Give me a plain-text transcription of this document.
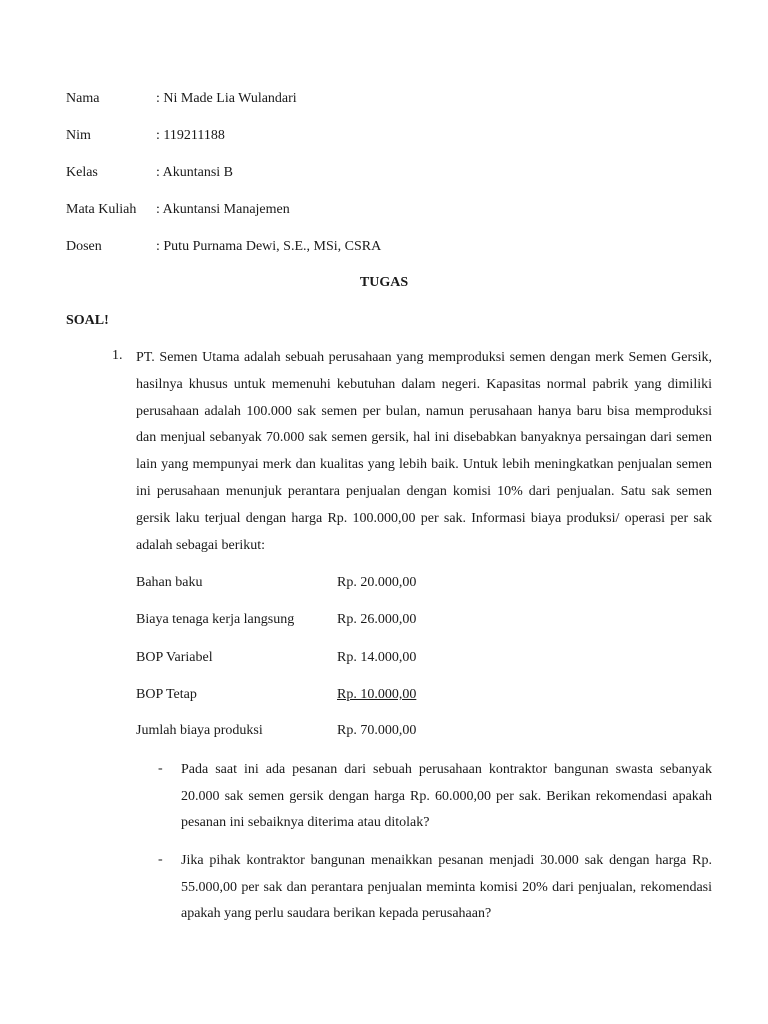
Nama	: Ni Made Lia Wulandari
Nim	: 119211188
Kelas	: Akuntansi B
Mata Kuliah	: Akuntansi Manajemen
Dosen	: Putu Purnama Dewi, S.E., MSi, CSRA
TUGAS
SOAL!
1. PT. Semen Utama adalah sebuah perusahaan yang memproduksi semen dengan merk Semen Gersik, hasilnya khusus untuk memenuhi kebutuhan dalam negeri. Kapasitas normal pabrik yang dimiliki perusahaan adalah 100.000 sak semen per bulan, namun perusahaan hanya baru bisa memproduksi dan menjual sebanyak 70.000 sak semen gersik, hal ini disebabkan banyaknya persaingan dari semen lain yang mempunyai merk dan kualitas yang lebih baik. Untuk lebih meningkatkan penjualan semen ini perusahaan menunjuk perantara penjualan dengan komisi 10% dari penjualan. Satu sak semen gersik laku terjual dengan harga Rp. 100.000,00 per sak. Informasi biaya produksi/ operasi per sak adalah sebagai berikut:

Bahan baku	Rp. 20.000,00
Biaya tenaga kerja langsung	Rp. 26.000,00
BOP Variabel	Rp. 14.000,00
BOP Tetap	Rp. 10.000,00
Jumlah biaya produksi	Rp. 70.000,00
- Pada saat ini ada pesanan dari sebuah perusahaan kontraktor bangunan swasta sebanyak 20.000 sak semen gersik dengan harga Rp. 60.000,00 per sak. Berikan rekomendasi apakah pesanan ini sebaiknya diterima atau ditolak?

- Jika pihak kontraktor bangunan menaikkan pesanan menjadi 30.000 sak dengan harga Rp. 55.000,00 per sak dan perantara penjualan meminta komisi 20% dari penjualan, rekomendasi apakah yang perlu saudara berikan kepada perusahaan?
